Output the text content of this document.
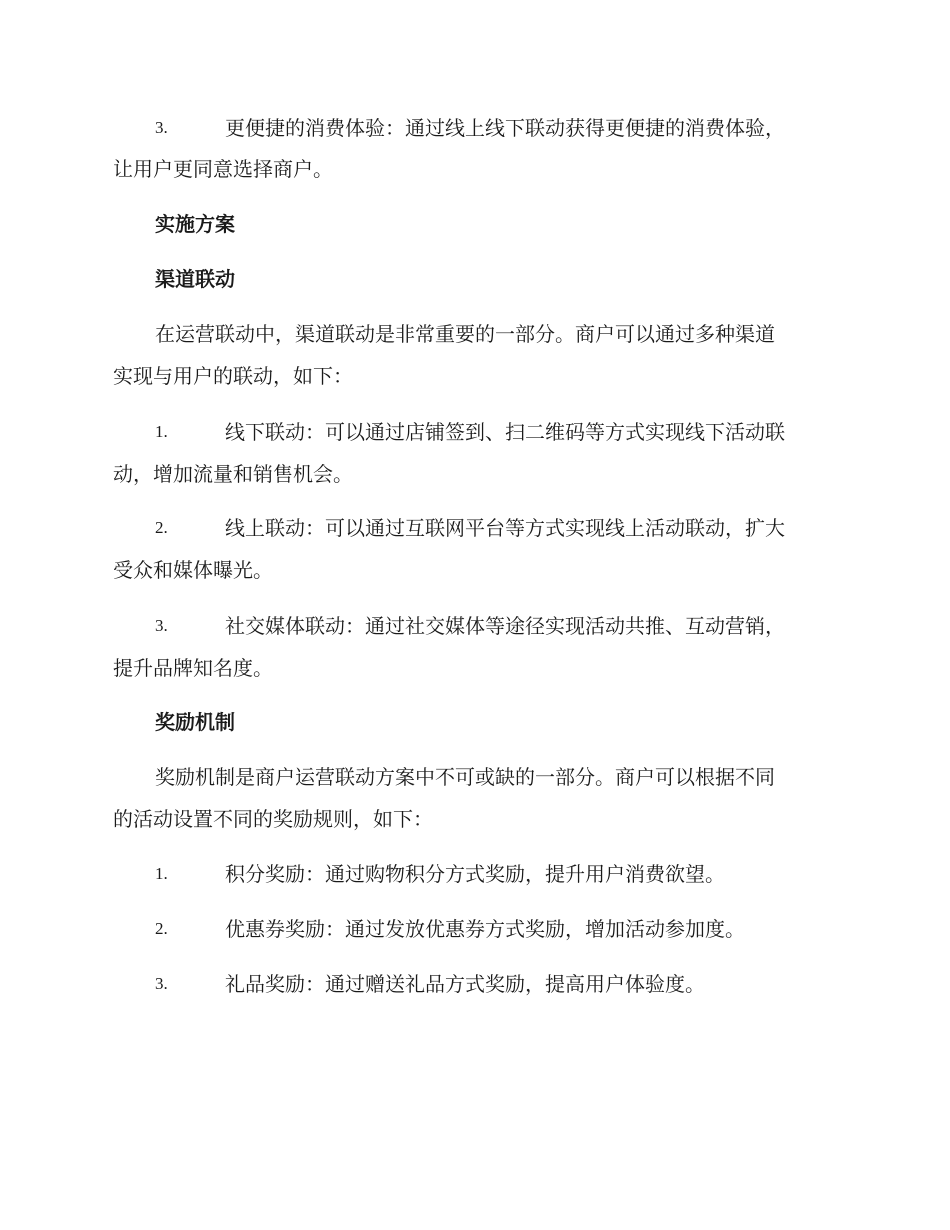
3.	更便捷的消费体验：通过线上线下联动获得更便捷的消费体验，
让用户更同意选择商户。
实施方案
渠道联动
在运营联动中，渠道联动是非常重要的一部分。商户可以通过多种渠道
实现与用户的联动，如下：
1.	线下联动：可以通过店铺签到、扫二维码等方式实现线下活动联
动，增加流量和销售机会。
2.	线上联动：可以通过互联网平台等方式实现线上活动联动，扩大
受众和媒体曝光。
3.	社交媒体联动：通过社交媒体等途径实现活动共推、互动营销，
提升品牌知名度。
奖励机制
奖励机制是商户运营联动方案中不可或缺的一部分。商户可以根据不同
的活动设置不同的奖励规则，如下：
1.	积分奖励：通过购物积分方式奖励，提升用户消费欲望。
2.	优惠券奖励：通过发放优惠券方式奖励，增加活动参加度。
3.	礼品奖励：通过赠送礼品方式奖励，提高用户体验度。
